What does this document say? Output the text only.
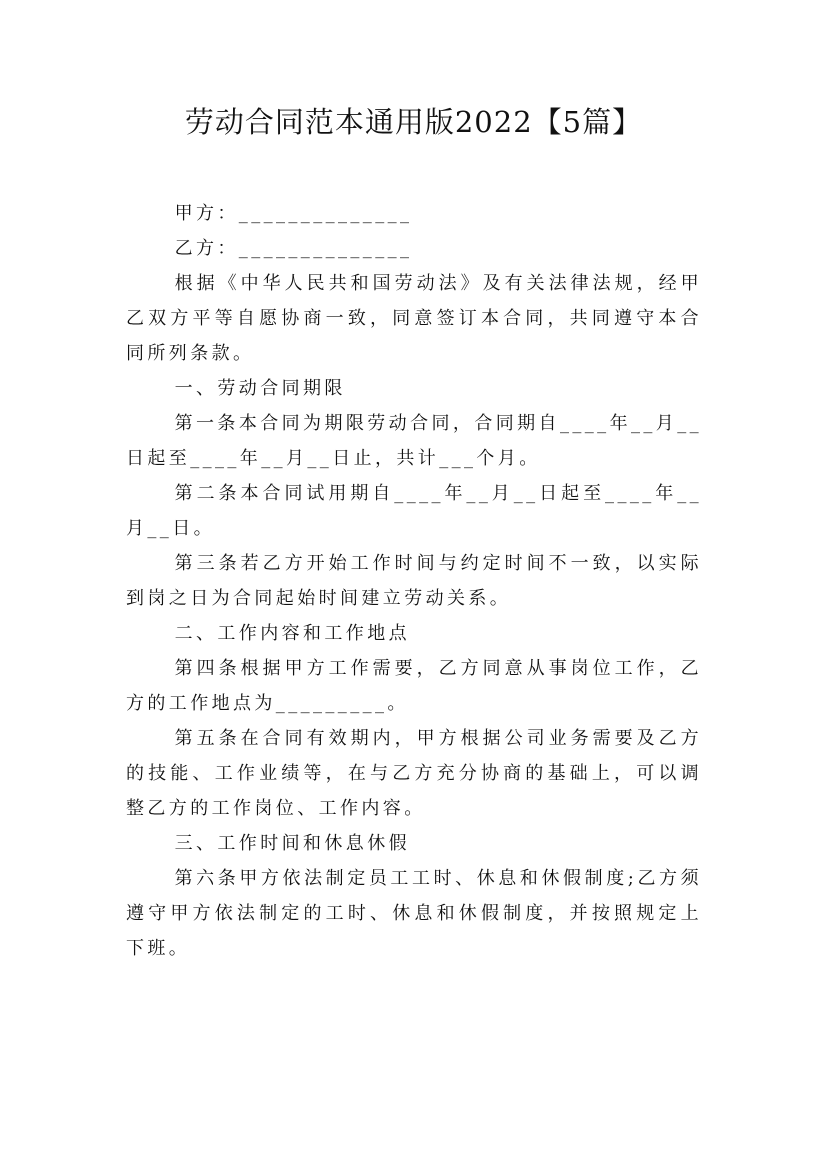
劳动合同范本通用版2022【5篇】

甲方：______________

乙方：______________

根据《中华人民共和国劳动法》及有关法律法规，经甲乙双方平等自愿协商一致，同意签订本合同，共同遵守本合同所列条款。

一、劳动合同期限

第一条本合同为期限劳动合同，合同期自____年__月__日起至____年__月__日止，共计___个月。

第二条本合同试用期自____年__月__日起至____年__月__日。

第三条若乙方开始工作时间与约定时间不一致，以实际到岗之日为合同起始时间建立劳动关系。

二、工作内容和工作地点

第四条根据甲方工作需要，乙方同意从事岗位工作，乙方的工作地点为_________。

第五条在合同有效期内，甲方根据公司业务需要及乙方的技能、工作业绩等，在与乙方充分协商的基础上，可以调整乙方的工作岗位、工作内容。

三、工作时间和休息休假

第六条甲方依法制定员工工时、休息和休假制度;乙方须遵守甲方依法制定的工时、休息和休假制度，并按照规定上下班。
